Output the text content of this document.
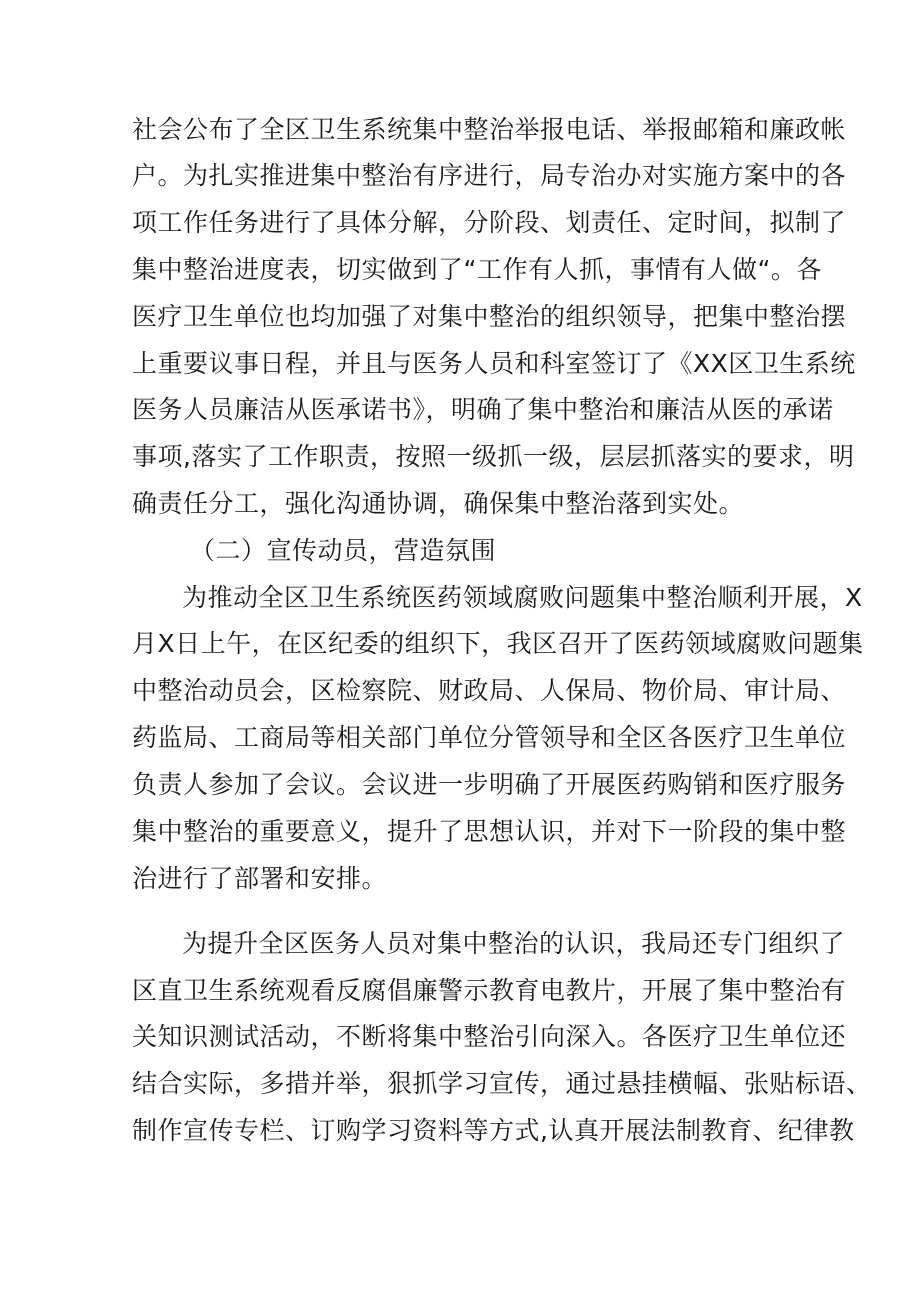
社会公布了全区卫生系统集中整治举报电话、举报邮箱和廉政帐
户。为扎实推进集中整治有序进行，局专治办对实施方案中的各
项工作任务进行了具体分解，分阶段、划责任、定时间，拟制了
集中整治进度表，切实做到了“工作有人抓，事情有人做“。各
医疗卫生单位也均加强了对集中整治的组织领导，把集中整治摆
上重要议事日程，并且与医务人员和科室签订了《XX区卫生系统
医务人员廉洁从医承诺书》，明确了集中整治和廉洁从医的承诺
事项,落实了工作职责，按照一级抓一级，层层抓落实的要求，明
确责任分工，强化沟通协调，确保集中整治落到实处。
（二）宣传动员，营造氛围
为推动全区卫生系统医药领域腐败问题集中整治顺利开展，X
月X日上午，在区纪委的组织下，我区召开了医药领域腐败问题集
中整治动员会，区检察院、财政局、人保局、物价局、审计局、
药监局、工商局等相关部门单位分管领导和全区各医疗卫生单位
负责人参加了会议。会议进一步明确了开展医药购销和医疗服务
集中整治的重要意义，提升了思想认识，并对下一阶段的集中整
治进行了部署和安排。
为提升全区医务人员对集中整治的认识，我局还专门组织了
区直卫生系统观看反腐倡廉警示教育电教片，开展了集中整治有
关知识测试活动，不断将集中整治引向深入。各医疗卫生单位还
结合实际，多措并举，狠抓学习宣传，通过悬挂横幅、张贴标语、
制作宣传专栏、订购学习资料等方式,认真开展法制教育、纪律教
